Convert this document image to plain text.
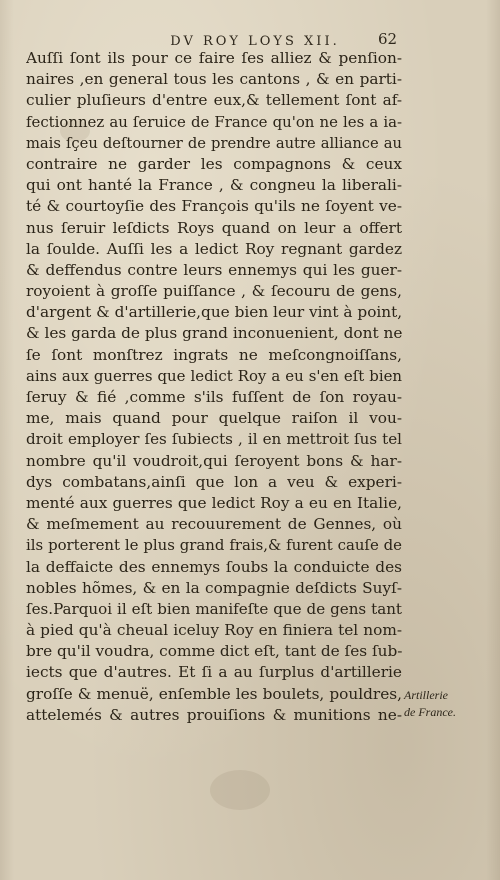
DV ROY LOYS XII.	62
Auſſi ſont ils pour ce faire ſes alliez & penſion-
naires ,en general tous les cantons , & en parti-
culier pluſieurs d'entre eux,& tellement ſont af-
fectionnez au ſeruice de France qu'on ne les a ia-
mais ſçeu deſtourner de prendre autre alliance au
contraire ne garder les compagnons & ceux
qui ont hanté la France , & congneu la liberali-
té & courtoyſie des François qu'ils ne ſoyent ve-
nus ſeruir leſdicts Roys quand on leur a offert
la ſoulde. Auſſi les a ledict Roy regnant gardez
& deffendus contre leurs ennemys qui les guer-
royoient à groſſe puiſſance , & ſecouru de gens,
d'argent & d'artillerie,que bien leur vint à point,
& les garda de plus grand inconuenient, dont ne
ſe ſont monſtrez ingrats ne meſcongnoiſſans,
ains aux guerres que ledict Roy a eu s'en eſt bien
ſeruy & fié ,comme s'ils fuſſent de ſon royau-
me, mais quand pour quelque raiſon il vou-
droit employer ſes ſubiects , il en mettroit ſus tel
nombre qu'il voudroit,qui ſeroyent bons & har-
dys combatans,ainſi que lon a veu & experi-
menté aux guerres que ledict Roy a eu en Italie,
& meſmement au recouurement de Gennes, où
ils porterent le plus grand frais,& furent cauſe de
la deffaicte des ennemys ſoubs la conduicte des
nobles hõmes, & en la compagnie deſdicts Suyſ-
ſes.Parquoi il eſt bien manifeſte que de gens tant
à pied qu'à cheual iceluy Roy en finiera tel nom-
bre qu'il voudra, comme dict eſt, tant de ſes ſub-
iects que d'autres. Et ſi a au ſurplus d'artillerie
groſſe & menuë, enſemble les boulets, pouldres,
attelemés & autres prouiſions & munitions ne-
Artillerie
de France.
